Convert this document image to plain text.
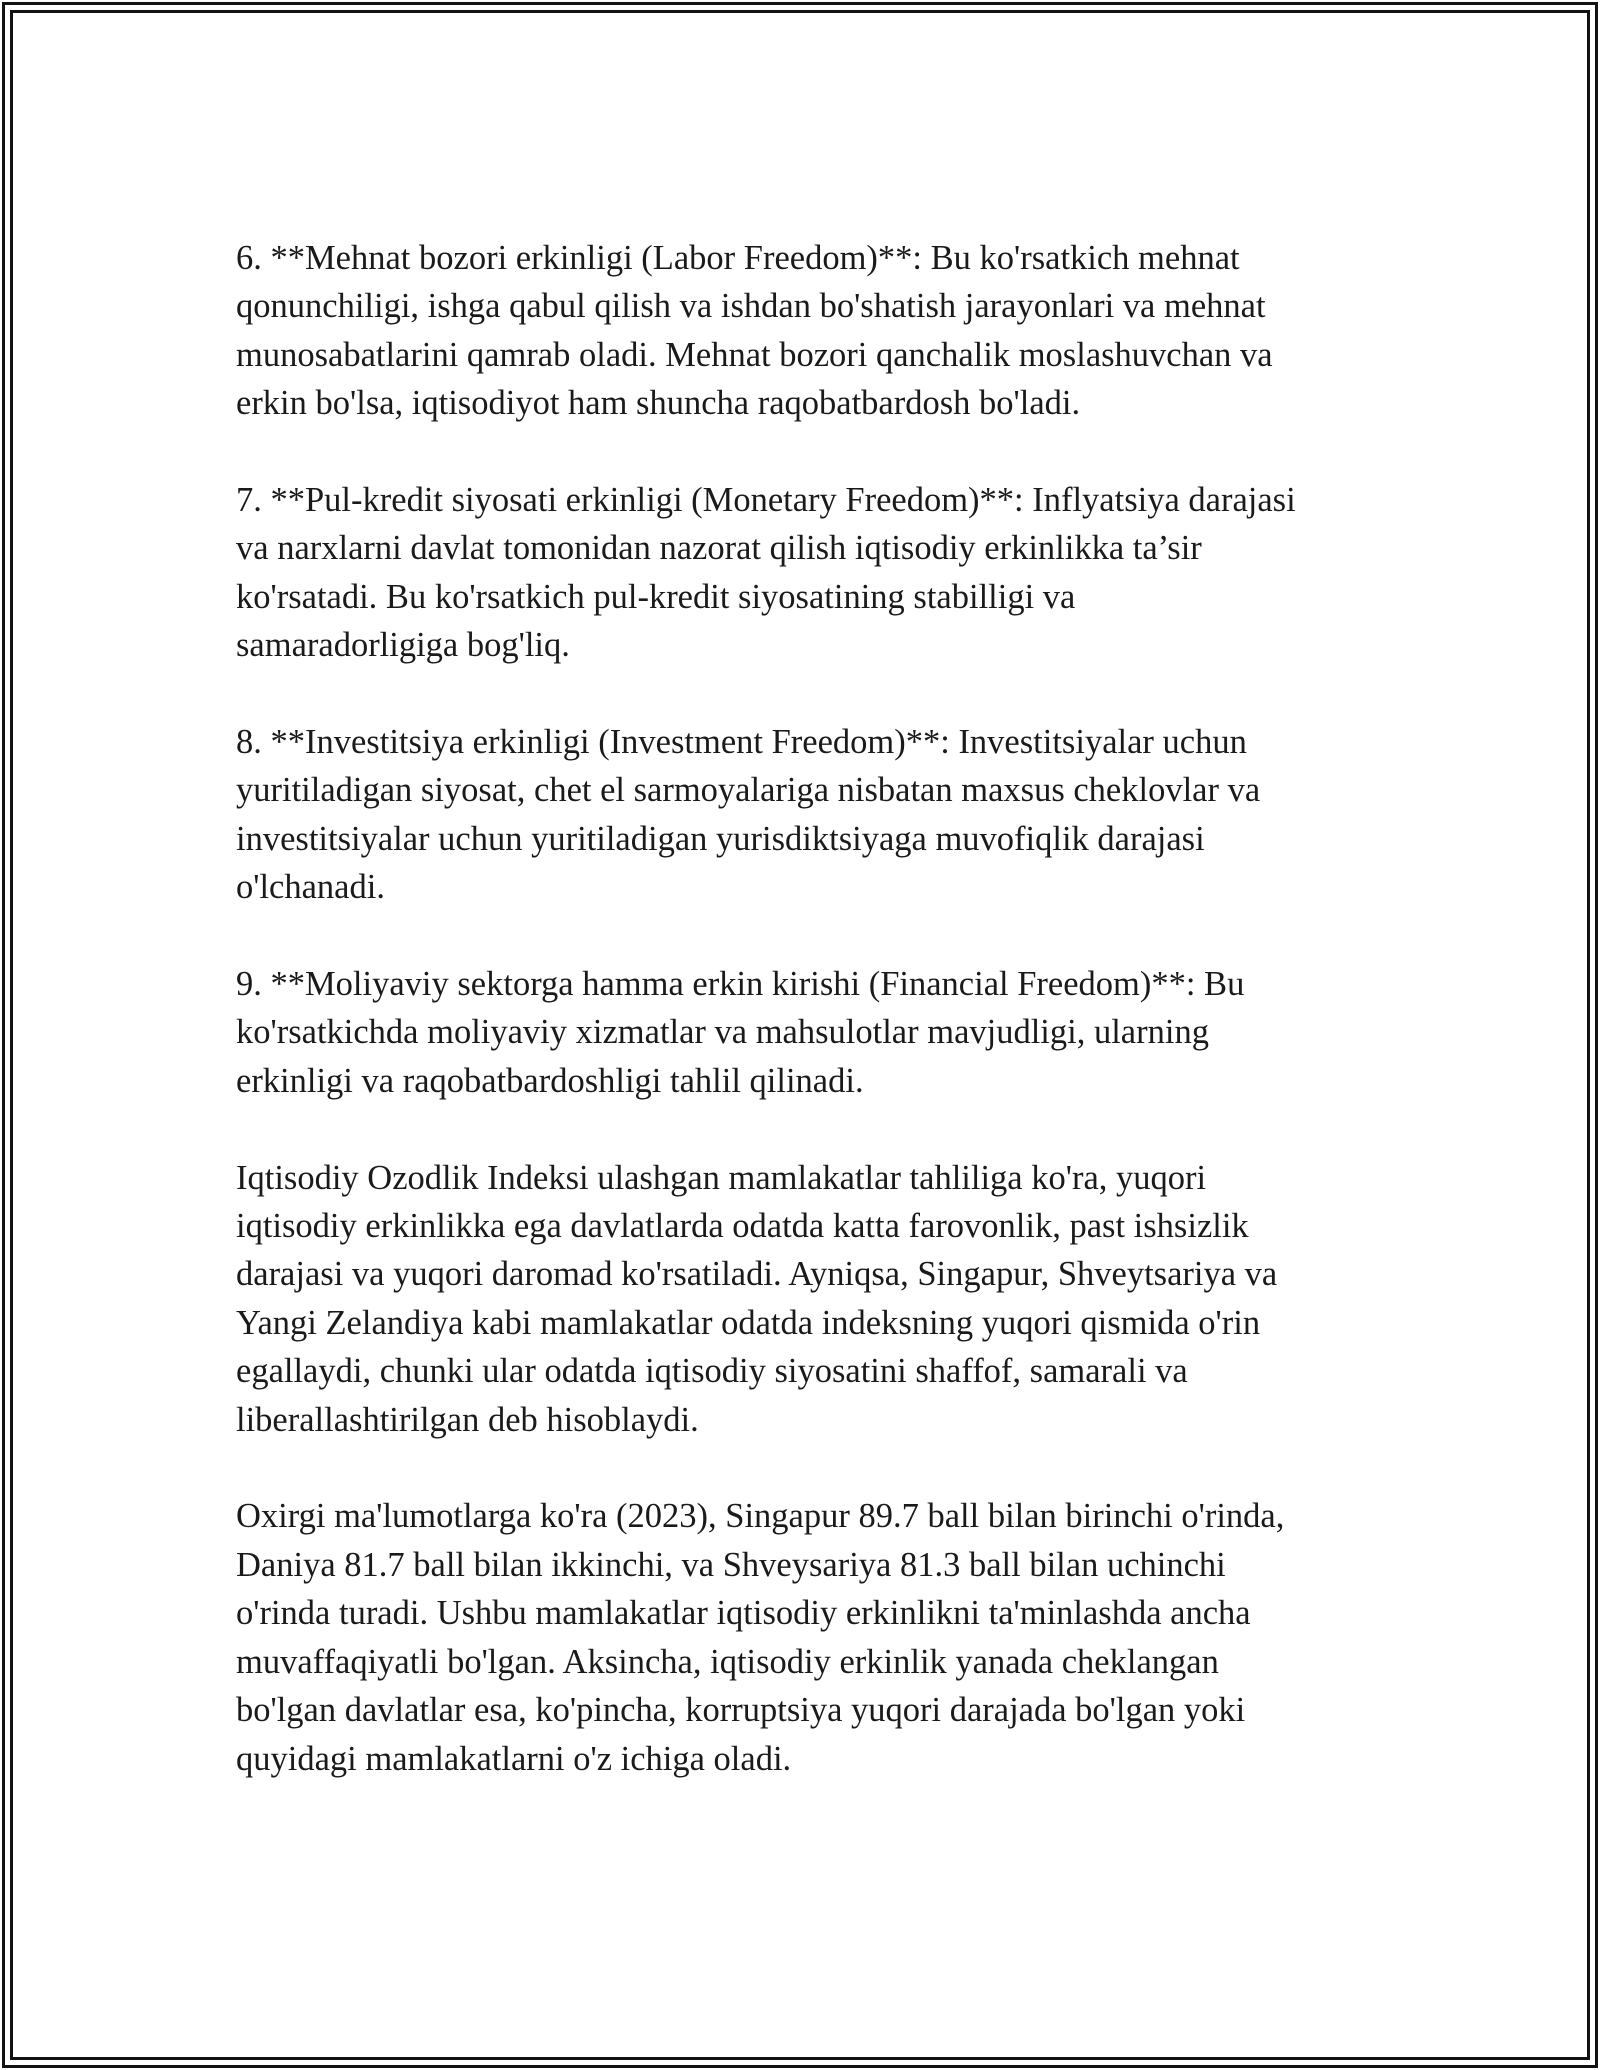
6. **Mehnat bozori erkinligi (Labor Freedom)**: Bu ko'rsatkich mehnat
qonunchiligi, ishga qabul qilish va ishdan bo'shatish jarayonlari va mehnat
munosabatlarini qamrab oladi. Mehnat bozori qanchalik moslashuvchan va
erkin bo'lsa, iqtisodiyot ham shuncha raqobatbardosh bo'ladi.

7. **Pul-kredit siyosati erkinligi (Monetary Freedom)**: Inflyatsiya darajasi
va narxlarni davlat tomonidan nazorat qilish iqtisodiy erkinlikka ta’sir
ko'rsatadi. Bu ko'rsatkich pul-kredit siyosatining stabilligi va
samaradorligiga bog'liq.

8. **Investitsiya erkinligi (Investment Freedom)**: Investitsiyalar uchun
yuritiladigan siyosat, chet el sarmoyalariga nisbatan maxsus cheklovlar va
investitsiyalar uchun yuritiladigan yurisdiktsiyaga muvofiqlik darajasi
o'lchanadi.

9. **Moliyaviy sektorga hamma erkin kirishi (Financial Freedom)**: Bu
ko'rsatkichda moliyaviy xizmatlar va mahsulotlar mavjudligi, ularning
erkinligi va raqobatbardoshligi tahlil qilinadi.

Iqtisodiy Ozodlik Indeksi ulashgan mamlakatlar tahliliga ko'ra, yuqori
iqtisodiy erkinlikka ega davlatlarda odatda katta farovonlik, past ishsizlik
darajasi va yuqori daromad ko'rsatiladi. Ayniqsa, Singapur, Shveytsariya va
Yangi Zelandiya kabi mamlakatlar odatda indeksning yuqori qismida o'rin
egallaydi, chunki ular odatda iqtisodiy siyosatini shaffof, samarali va
liberallashtirilgan deb hisoblaydi.

Oxirgi ma'lumotlarga ko'ra (2023), Singapur 89.7 ball bilan birinchi o'rinda,
Daniya 81.7 ball bilan ikkinchi, va Shveysariya 81.3 ball bilan uchinchi
o'rinda turadi. Ushbu mamlakatlar iqtisodiy erkinlikni ta'minlashda ancha
muvaffaqiyatli bo'lgan. Aksincha, iqtisodiy erkinlik yanada cheklangan
bo'lgan davlatlar esa, ko'pincha, korruptsiya yuqori darajada bo'lgan yoki
quyidagi mamlakatlarni o'z ichiga oladi.
